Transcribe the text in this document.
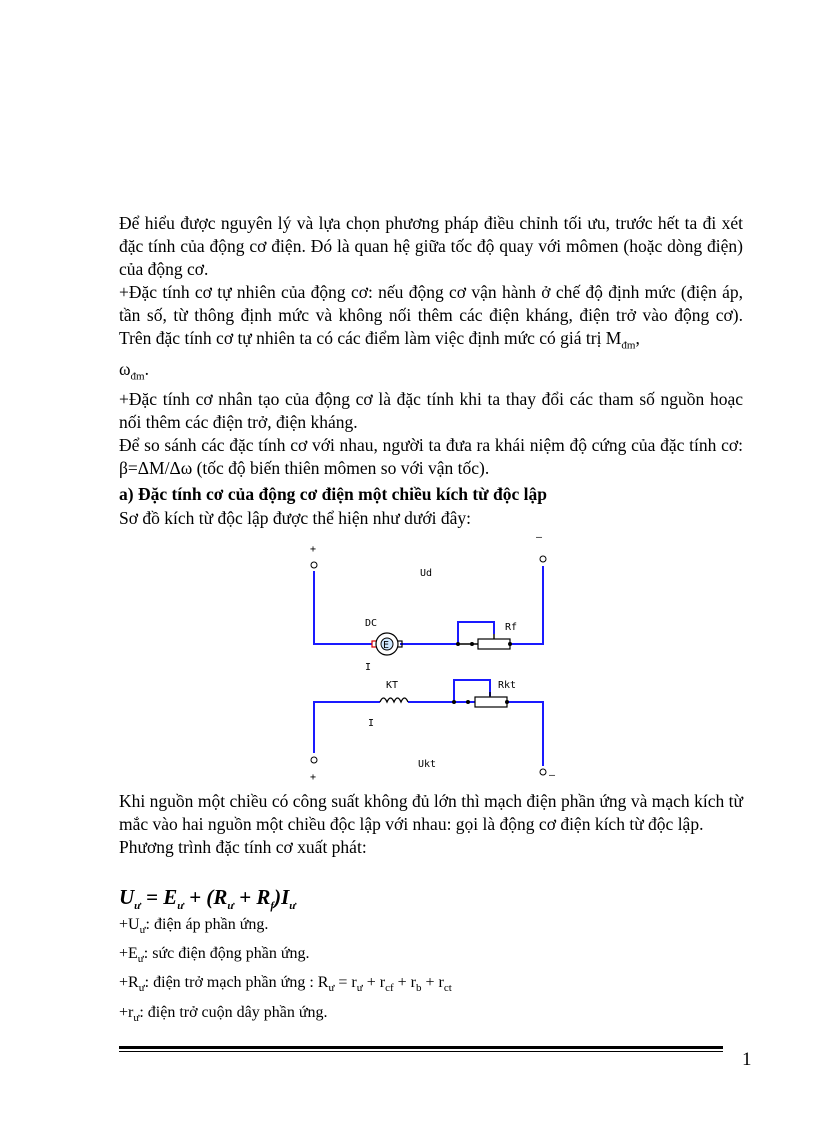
Để hiểu được nguyên lý và lựa chọn phương pháp điều chỉnh tối ưu, trước hết ta đi xét đặc tính của động cơ điện. Đó là quan hệ giữa tốc độ quay với mômen (hoặc dòng điện) của động cơ.

+Đặc tính cơ tự nhiên của động cơ: nếu động cơ vận hành ở chế độ định mức (điện áp, tần số, từ thông định mức và không nối thêm các điện kháng, điện trở vào động cơ). Trên đặc tính cơ tự nhiên ta có các điểm làm việc định mức có giá trị $M_{đm}$,
$\omega_{đm}$.

+Đặc tính cơ nhân tạo của động cơ là đặc tính khi ta thay đổi các tham số nguồn hoạc nối thêm các điện trở, điện kháng.

Để so sánh các đặc tính cơ với nhau, người ta đưa ra khái niệm độ cứng của đặc tính cơ: β=ΔM/Δω (tốc độ biến thiên mômen so với vận tốc).

a) Đặc tính cơ của động cơ điện một chiều kích từ độc lập

Sơ đồ kích từ độc lập được thể hiện như dưới đây:

+
–
E
DC
I
Rf
Ud
KT	Rkt
I
Ukt
+	–

Khi nguồn một chiều có công suất không đủ lớn thì mạch điện phần ứng và mạch kích từ mắc vào hai nguồn một chiều độc lập với nhau: gọi là động cơ điện kích từ độc lập.

Phương trình đặc tính cơ xuất phát:

$U_ư = E_ư + (R_ư + R_f)I_ư$

$+U_ư$: điện áp phần ứng.

$+E_ư$: sức điện động phần ứng.

$+R_ư$: điện trở mạch phần ứng : $R_ư = r_ư + r_{cf} + r_b + r_{ct}$

$+r_ư$: điện trở cuộn dây phần ứng.

1
